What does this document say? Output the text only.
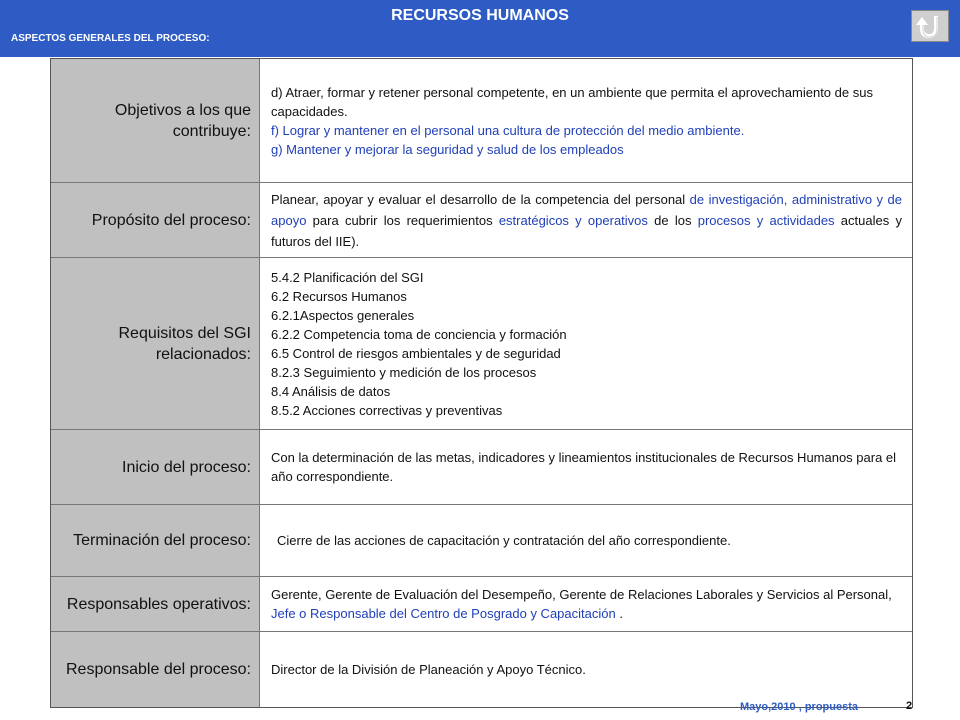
RECURSOS HUMANOS
ASPECTOS GENERALES DEL PROCESO:
Objetivos a los que contribuye:
d) Atraer, formar y retener personal competente, en un ambiente que permita el aprovechamiento de sus capacidades.
f) Lograr y mantener en el personal una cultura de protección del medio ambiente.
g) Mantener y mejorar la seguridad y salud de los empleados
Propósito del proceso:
Planear, apoyar y evaluar el desarrollo de la competencia del personal de investigación, administrativo y de apoyo para cubrir los requerimientos estratégicos y operativos de los procesos y actividades actuales y futuros del IIE).
Requisitos del SGI relacionados:
5.4.2 Planificación del SGI
6.2 Recursos Humanos
6.2.1Aspectos generales
6.2.2 Competencia toma de conciencia y formación
6.5 Control de riesgos ambientales y de seguridad
8.2.3 Seguimiento y medición de los procesos
8.4 Análisis de datos
8.5.2 Acciones correctivas y preventivas
Inicio del proceso:
Con la determinación de las metas, indicadores y lineamientos institucionales de Recursos Humanos para el año correspondiente.
Terminación del proceso:	Cierre de las acciones de capacitación y contratación del año correspondiente.
Responsables operativos:
Gerente, Gerente de Evaluación del Desempeño, Gerente de Relaciones Laborales y Servicios al Personal, Jefe o Responsable del Centro de Posgrado y Capacitación .
Responsable del proceso:	Director de la División de Planeación y Apoyo Técnico.
Mayo,2010 , propuesta	2
